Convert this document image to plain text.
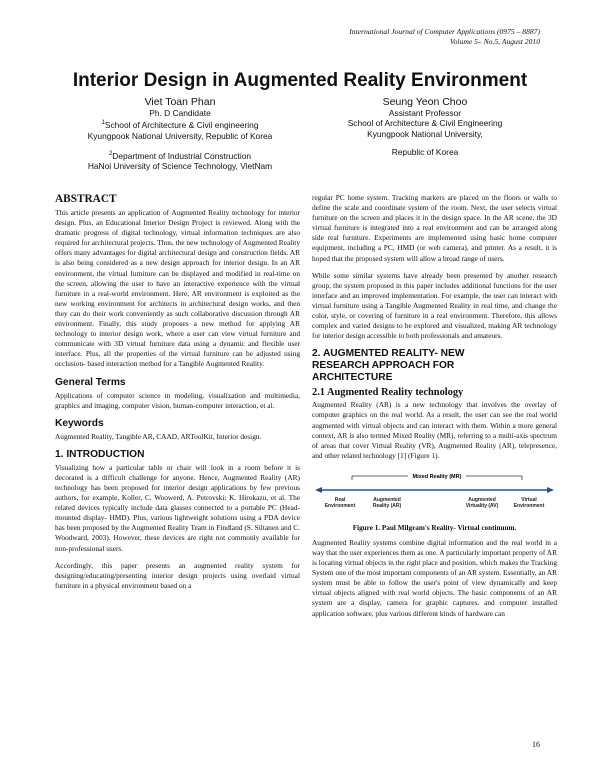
International Journal of Computer Applications (0975 – 8887)
Volume 5– No.5, August 2010
Interior Design in Augmented Reality Environment
Viet Toan Phan
Ph. D Candidate
$^1$School of Architecture & Civil engineering
Kyungpook National University, Republic of Korea
$^2$Department of Industrial Construction
HaNoi University of Science Technology, VietNam
Seung Yeon Choo
Assistant Professor
School of Architecture & Civil Engineering
Kyungpook National University,
Republic of Korea
ABSTRACT

This article presents an application of Augmented Reality technology for interior design. Plus, an Educational Interior Design Project is reviewed. Along with the dramatic progress of digital technology, virtual information techniques are also required for architectural projects. Thus, the new technology of Augmented Reality offers many advantages for digital architectural design and construction fields. AR is also being considered as a new design approach for interior design. In an AR environment, the virtual furniture can be displayed and modified in real-time on the screen, allowing the user to have an interactive experience with the virtual furniture in a real-world environment. Here, AR environment is exploited as the new working environment for architects in architectural design works, and then they can do their work conveniently as such collaborative discussion through AR environment. Finally, this study proposes a new method for applying AR technology to interior design work, where a user can view virtual furniture and communicate with 3D virtual furniture data using a dynamic and flexible user interface. Plus, all the properties of the virtual furniture can be adjusted using occlusion- based interaction method for a Tangible Augmented Reality.

General Terms

Applications of computer science in modeling, visualization and multimedia, graphics and imaging, computer vision, human-computer interaction, et al.

Keywords

Augmented Reality, Tangible AR, CAAD, ARToolKit, Interior design.

1. INTRODUCTION

Visualizing how a particular table or chair will look in a room before it is decorated is a difficult challenge for anyone. Hence, Augmented Reality (AR) technology has been proposed for interior design applications by few previous authors, for example, Koller, C. Woowerd, A. Petrovski; K. Hirokazu, et al. The related devices typically include data glasses connected to a portable PC (Head-mounted display- HMD). Plus, various lightweight solutions using a PDA device has been proposed by the Augmented Reality Team in Findland (S. Siltanen and C. Woodward, 2003). However, these devices are right not commonly available for non-professional users.

Accordingly, this paper presents an augmented reality system for designing/educating/presenting interior design projects using overlaid virtual furniture in a physical environment based on a

regular PC home system. Tracking markers are placed on the floors or walls to define the scale and coordinate system of the room. Next, the user selects virtual furniture on the screen and places it in the design space. In the AR scene, the 3D virtual furniture is integrated into a real environment and can be arranged along side real furniture. Experiments are implemented using basic home computer equipment, including a PC, HMD (or web camera), and printer. As a result, it is hoped that the proposed system will allow a broad range of users.

While some similar systems have already been presented by another research group, the system proposed in this paper includes additional functions for the user interface and an improved implementation. For example, the user can interact with virtual furniture using a Tangible Augmented Reality in real time, and change the color, style, or covering of furniture in a real environment. Therefore, this allows complex and varied designs to be explored and visualized, making AR technology for interior design accessible to both professionals and amateurs.

2. AUGMENTED REALITY- NEW
RESEARCH APPROACH FOR
ARCHITECTURE
2.1 Augmented Reality technology

Augmented Reality (AR) is a new technology that involves the overlay of computer graphics on the real world. As a result, the user can see the real world augmented with virtual objects and can interact with them. Within a more general context, AR is also termed Mixed Reality (MR), referring to a multi-axis spectrum of areas that cover Virtual Reality (VR), Augmented Reality (AR), telepresence, and other related technology [1] (Figure 1).

Mixed Reality (MR)
Real
Environment
Augmented
Reality (AR)
Augmented
Virtuality (AV)
Virtual
Environment
Figure 1. Paul Milgram's Reality- Virtual continuum.

Augmented Reality systems combine digital information and the real world in a way that the user experiences them as one. A particularly important property of AR is locating virtual objects in the right place and position, which makes the Tracking System one of the most important components of an AR system. Essentially, an AR system must be able to follow the user's point of view dynamically and keep virtual objects aligned with real world objects. The basic components of an AR system are a display, camera for graphic captures, and computer installed application software, plus various different kinds of hardware can

16
